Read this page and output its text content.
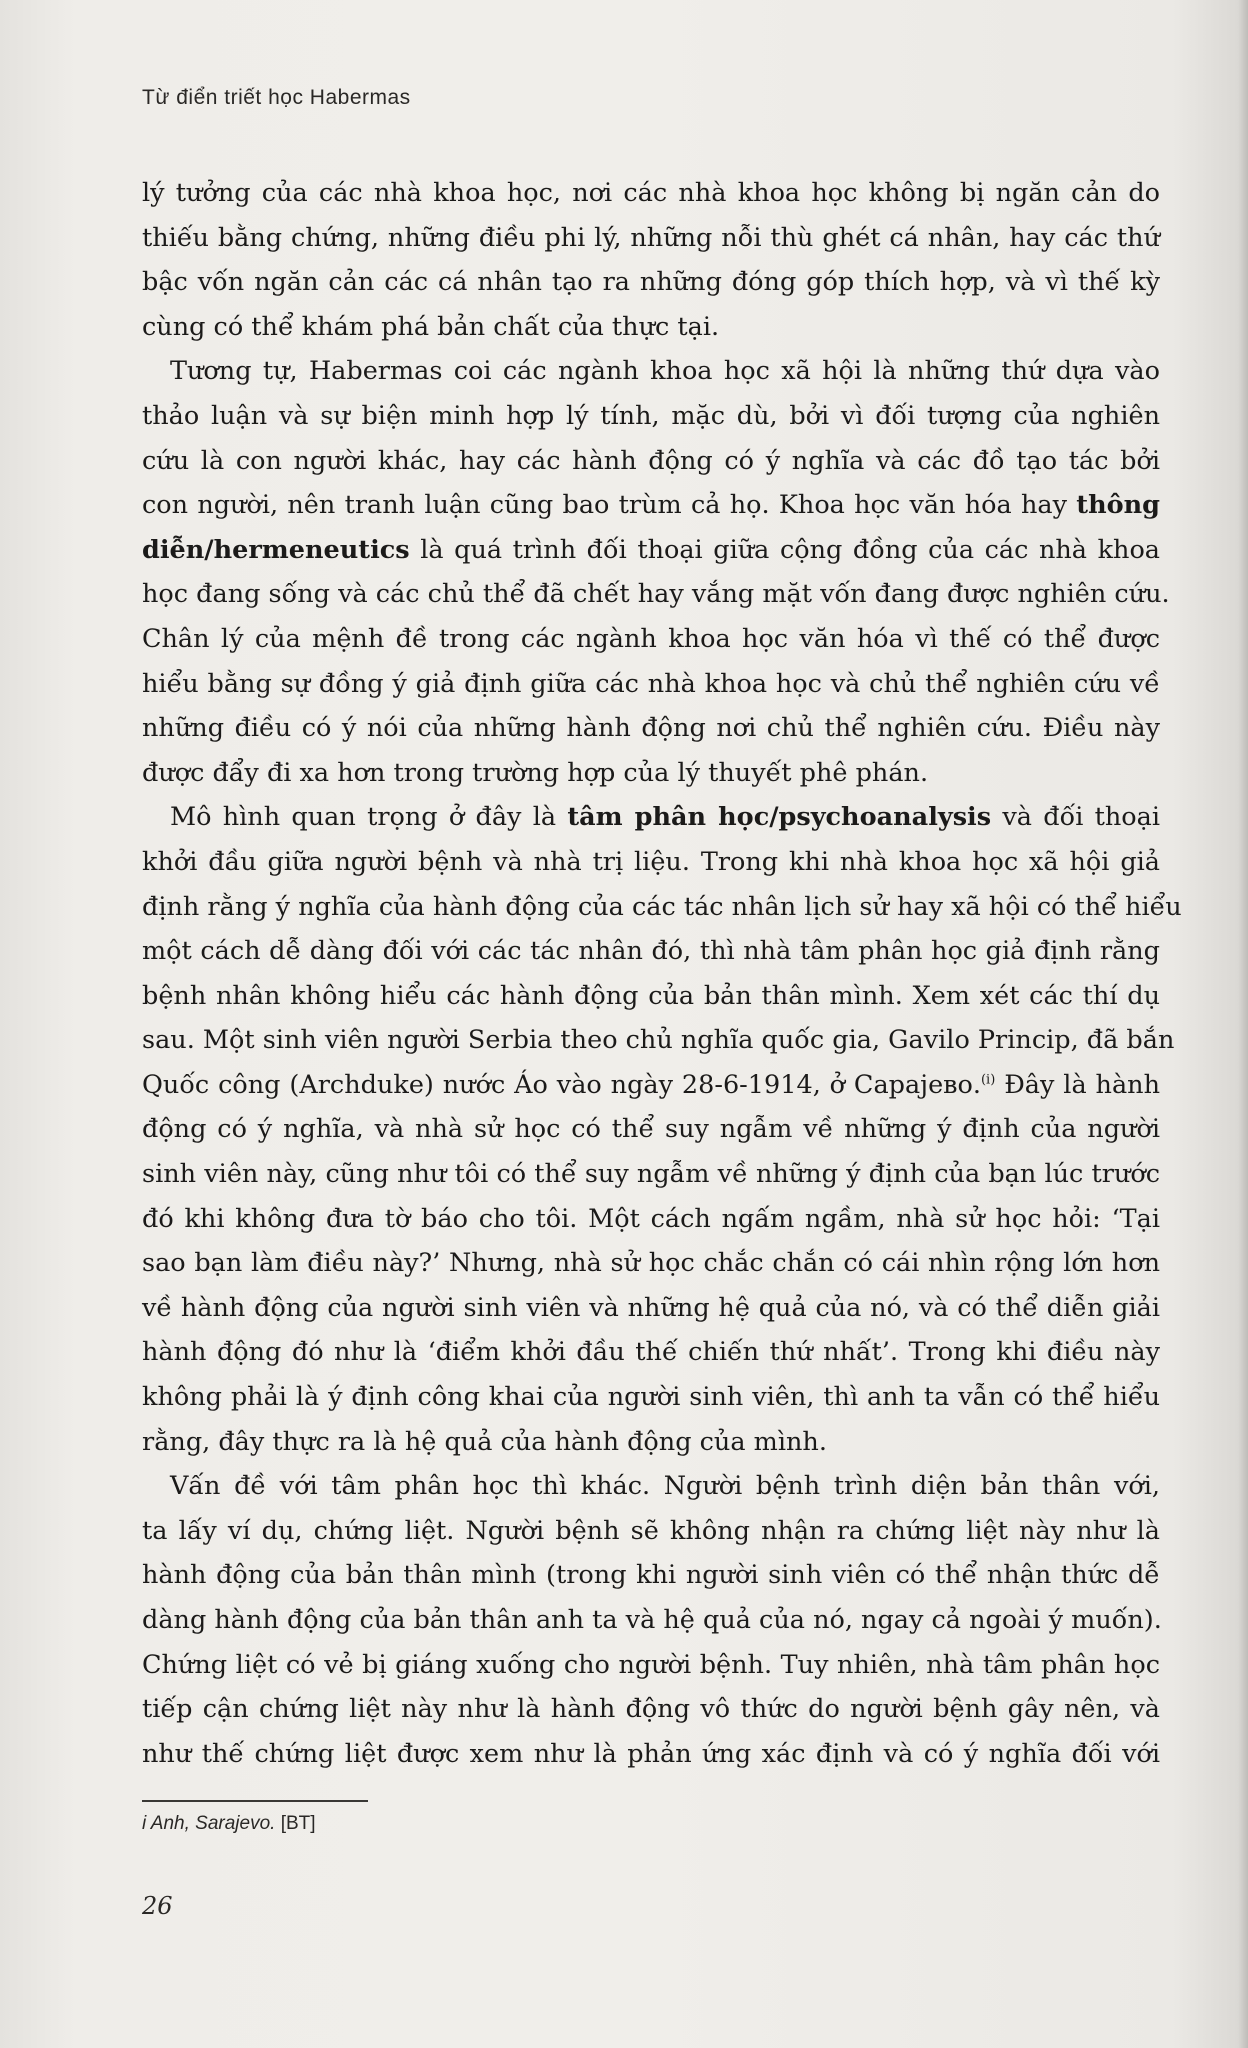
Từ điển triết học Habermas

lý tưởng của các nhà khoa học, nơi các nhà khoa học không bị ngăn cản do
thiếu bằng chứng, những điều phi lý, những nỗi thù ghét cá nhân, hay các thứ
bậc vốn ngăn cản các cá nhân tạo ra những đóng góp thích hợp, và vì thế kỳ
cùng có thể khám phá bản chất của thực tại.

Tương tự, Habermas coi các ngành khoa học xã hội là những thứ dựa vào
thảo luận và sự biện minh hợp lý tính, mặc dù, bởi vì đối tượng của nghiên
cứu là con người khác, hay các hành động có ý nghĩa và các đồ tạo tác bởi
con người, nên tranh luận cũng bao trùm cả họ. Khoa học văn hóa hay thông
diễn/hermeneutics là quá trình đối thoại giữa cộng đồng của các nhà khoa
học đang sống và các chủ thể đã chết hay vắng mặt vốn đang được nghiên cứu.
Chân lý của mệnh đề trong các ngành khoa học văn hóa vì thế có thể được
hiểu bằng sự đồng ý giả định giữa các nhà khoa học và chủ thể nghiên cứu về
những điều có ý nói của những hành động nơi chủ thể nghiên cứu. Điều này
được đẩy đi xa hơn trong trường hợp của lý thuyết phê phán.

Mô hình quan trọng ở đây là tâm phân học/psychoanalysis và đối thoại
khởi đầu giữa người bệnh và nhà trị liệu. Trong khi nhà khoa học xã hội giả
định rằng ý nghĩa của hành động của các tác nhân lịch sử hay xã hội có thể hiểu
một cách dễ dàng đối với các tác nhân đó, thì nhà tâm phân học giả định rằng
bệnh nhân không hiểu các hành động của bản thân mình. Xem xét các thí dụ
sau. Một sinh viên người Serbia theo chủ nghĩa quốc gia, Gavilo Princip, đã bắn
Quốc công (Archduke) nước Áo vào ngày 28-6-1914, ở Сарајево.$^{(i)}$ Đây là hành
động có ý nghĩa, và nhà sử học có thể suy ngẫm về những ý định của người
sinh viên này, cũng như tôi có thể suy ngẫm về những ý định của bạn lúc trước
đó khi không đưa tờ báo cho tôi. Một cách ngấm ngầm, nhà sử học hỏi: ‘Tại
sao bạn làm điều này?’ Nhưng, nhà sử học chắc chắn có cái nhìn rộng lớn hơn
về hành động của người sinh viên và những hệ quả của nó, và có thể diễn giải
hành động đó như là ‘điểm khởi đầu thế chiến thứ nhất’. Trong khi điều này
không phải là ý định công khai của người sinh viên, thì anh ta vẫn có thể hiểu
rằng, đây thực ra là hệ quả của hành động của mình.

Vấn đề với tâm phân học thì khác. Người bệnh trình diện bản thân với,
ta lấy ví dụ, chứng liệt. Người bệnh sẽ không nhận ra chứng liệt này như là
hành động của bản thân mình (trong khi người sinh viên có thể nhận thức dễ
dàng hành động của bản thân anh ta và hệ quả của nó, ngay cả ngoài ý muốn).
Chứng liệt có vẻ bị giáng xuống cho người bệnh. Tuy nhiên, nhà tâm phân học
tiếp cận chứng liệt này như là hành động vô thức do người bệnh gây nên, và
như thế chứng liệt được xem như là phản ứng xác định và có ý nghĩa đối với

i Anh, Sarajevo. [BT]
26
